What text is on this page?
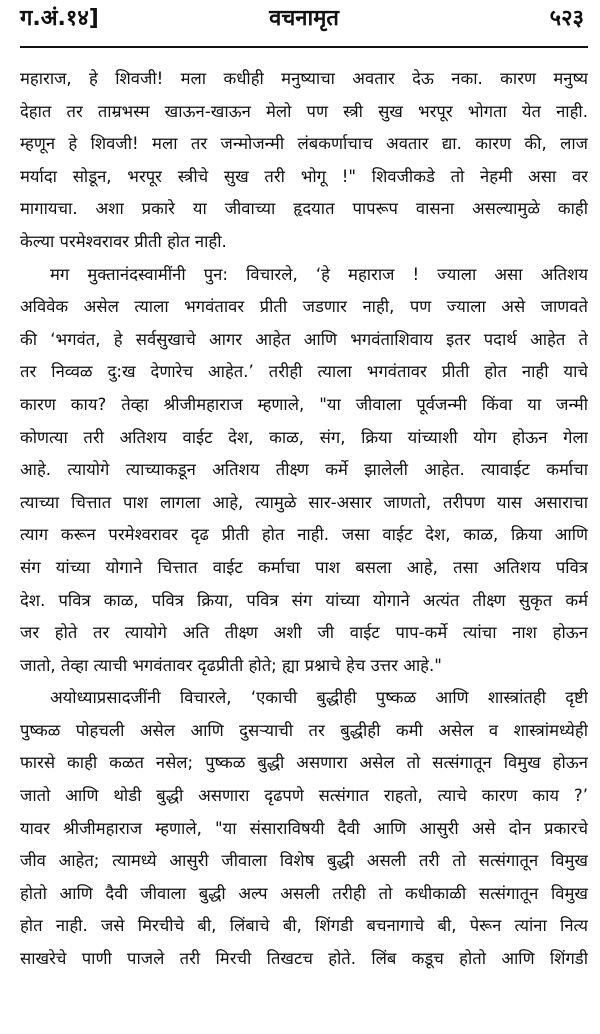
वचनामृत
ग.अं.१४]	५२३
महाराज, हे शिवजी! मला कधीही मनुष्याचा अवतार देऊ नका. कारण मनुष्य
देहात तर ताम्रभस्म खाऊन-खाऊन मेलो पण स्त्री सुख भरपूर भोगता येत नाही.
म्हणून हे शिवजी! मला तर जन्मोजन्मी लंबकर्णाचाच अवतार द्या. कारण की, लाज
मर्यादा सोडून, भरपूर स्त्रीचे सुख तरी भोगू !" शिवजीकडे तो नेहमी असा वर
मागायचा. अशा प्रकारे या जीवाच्या हृदयात पापरूप वासना असल्यामुळे काही
केल्या परमेश्वरावर प्रीती होत नाही.
मग मुक्तानंदस्वामींनी पुन: विचारले, ‘हे महाराज ! ज्याला असा अतिशय
अविवेक असेल त्याला भगवंतावर प्रीती जडणार नाही, पण ज्याला असे जाणवते
की ‘भगवंत, हे सर्वसुखाचे आगर आहेत आणि भगवंताशिवाय इतर पदार्थ आहेत ते
तर निव्वळ दु:ख देणारेच आहेत.’ तरीही त्याला भगवंतावर प्रीती होत नाही याचे
कारण काय? तेव्हा श्रीजीमहाराज म्हणाले, "या जीवाला पूर्वजन्मी किंवा या जन्मी
कोणत्या तरी अतिशय वाईट देश, काळ, संग, क्रिया यांच्याशी योग होऊन गेला
आहे. त्यायोगे त्याच्याकडून अतिशय तीक्ष्ण कर्मे झालेली आहेत. त्यावाईट कर्माचा
त्याच्या चित्तात पाश लागला आहे, त्यामुळे सार-असार जाणतो, तरीपण यास असाराचा
त्याग करून परमेश्वरावर दृढ प्रीती होत नाही. जसा वाईट देश, काळ, क्रिया आणि
संग यांच्या योगाने चित्तात वाईट कर्माचा पाश बसला आहे, तसा अतिशय पवित्र
देश. पवित्र काळ, पवित्र क्रिया, पवित्र संग यांच्या योगाने अत्यंत तीक्ष्ण सुकृत कर्म
जर होते तर त्यायोगे अति तीक्ष्ण अशी जी वाईट पाप-कर्मे त्यांचा नाश होऊन
जातो, तेव्हा त्याची भगवंतावर दृढप्रीती होते; ह्या प्रश्नाचे हेच उत्तर आहे."
अयोध्याप्रसादजींनी विचारले, ‘एकाची बुद्धीही पुष्कळ आणि शास्त्रांतही दृष्टी
पुष्कळ पोहचली असेल आणि दुसऱ्याची तर बुद्धीही कमी असेल व शास्त्रांमध्येही
फारसे काही कळत नसेल; पुष्कळ बुद्धी असणारा असेल तो सत्संगातून विमुख होऊन
जातो आणि थोडी बुद्धी असणारा दृढपणे सत्संगात राहतो, त्याचे कारण काय ?’
यावर श्रीजीमहाराज म्हणाले, "या संसाराविषयी दैवी आणि आसुरी असे दोन प्रकारचे
जीव आहेत; त्यामध्ये आसुरी जीवाला विशेष बुद्धी असली तरी तो सत्संगातून विमुख
होतो आणि दैवी जीवाला बुद्धी अल्प असली तरीही तो कधीकाळी सत्संगातून विमुख
होत नाही. जसे मिरचीचे बी, लिंबाचे बी, शिंगडी बचनागाचे बी, पेरून त्यांना नित्य
साखरेचे पाणी पाजले तरी मिरची तिखटच होते. लिंब कडूच होतो आणि शिंगडी
